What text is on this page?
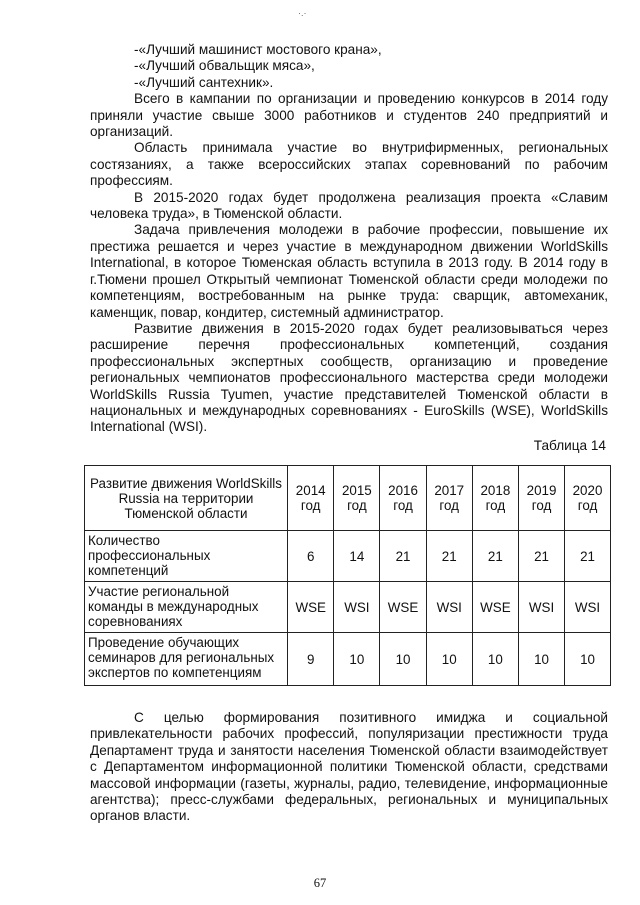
·.·

-«Лучший машинист мостового крана»,

-«Лучший обвальщик мяса»,

-«Лучший сантехник».

Всего в кампании по организации и проведению конкурсов в 2014 году приняли участие свыше 3000 работников и студентов 240 предприятий и организаций.

Область принимала участие во внутрифирменных, региональных состязаниях, а также всероссийских этапах соревнований по рабочим профессиям.

В 2015-2020 годах будет продолжена реализация проекта «Славим человека труда», в Тюменской области.

Задача привлечения молодежи в рабочие профессии, повышение их престижа решается и через участие в международном движении WorldSkills International, в которое Тюменская область вступила в 2013 году. В 2014 году в г.Тюмени прошел Открытый чемпионат Тюменской области среди молодежи по компетенциям, востребованным на рынке труда: сварщик, автомеханик, каменщик, повар, кондитер, системный администратор.

Развитие движения в 2015-2020 годах будет реализовываться через расширение перечня профессиональных компетенций, создания профессиональных экспертных сообществ, организацию и проведение региональных чемпионатов профессионального мастерства среди молодежи WorldSkills Russia Tyumen, участие представителей Тюменской области в национальных и международных соревнованиях - EuroSkills (WSE), WorldSkills International (WSI).

Таблица 14
Развитие движения WorldSkills Russia на территории Тюменской области	2014 год	2015 год	2016 год	2017 год	2018 год	2019 год	2020 год
Количество профессиональных компетенций	6	14	21	21	21	21	21
Участие региональной команды в международных соревнованиях	WSE	WSI	WSE	WSI	WSE	WSI	WSI
Проведение обучающих семинаров для региональных экспертов по компетенциям	9	10	10	10	10	10	10

С целью формирования позитивного имиджа и социальной привлекательности рабочих профессий, популяризации престижности труда Департамент труда и занятости населения Тюменской области взаимодействует с Департаментом информационной политики Тюменской области, средствами массовой информации (газеты, журналы, радио, телевидение, информационные агентства); пресс-службами федеральных, региональных и муниципальных органов власти.

67
